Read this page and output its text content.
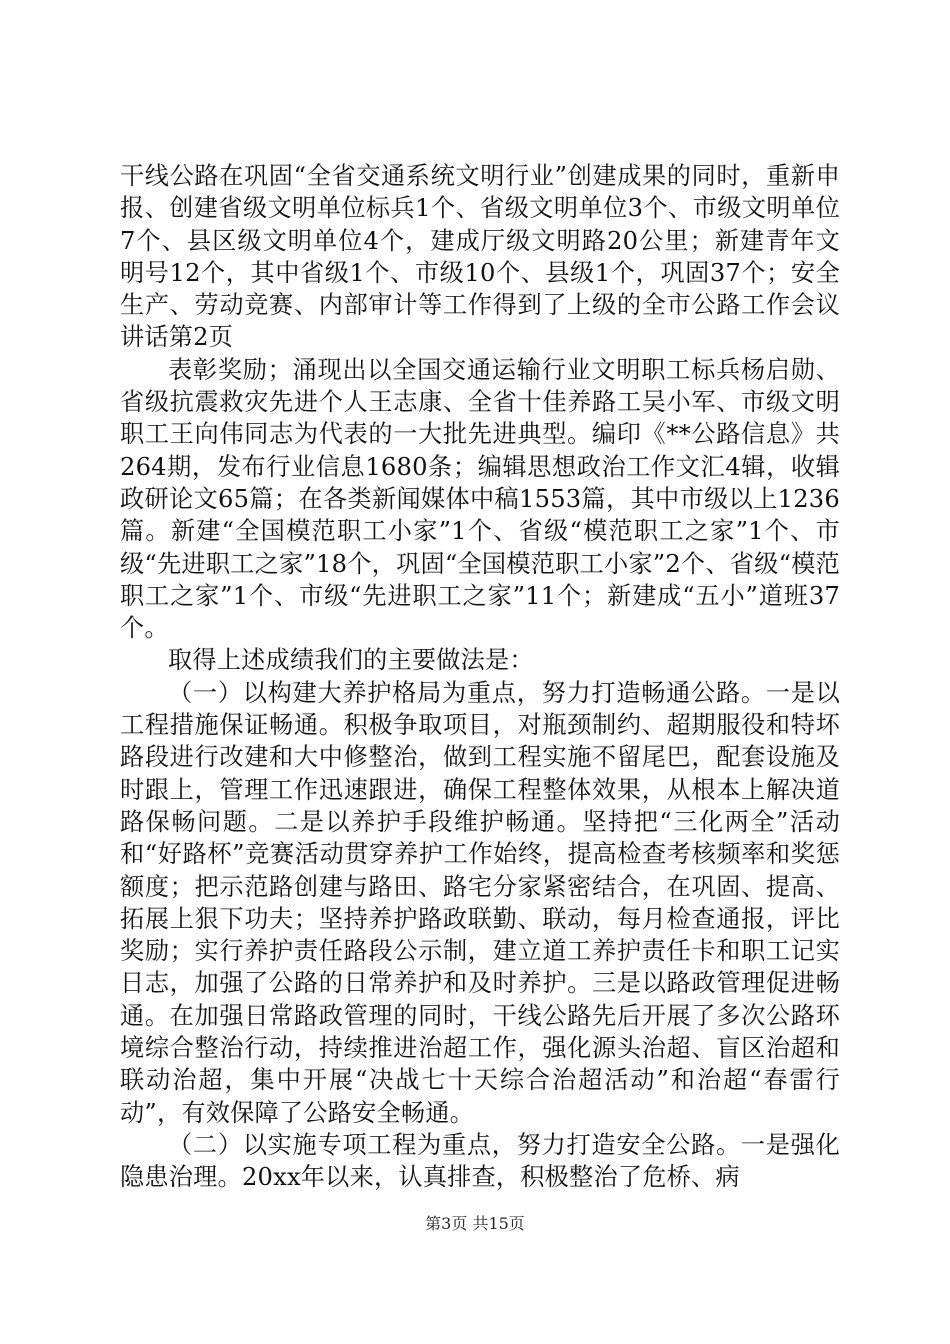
干线公路在巩固“全省交通系统文明行业”创建成果的同时，重新申报、创建省级文明单位标兵1个、省级文明单位3个、市级文明单位7个、县区级文明单位4个，建成厅级文明路20公里；新建青年文明号12个，其中省级1个、市级10个、县级1个，巩固37个；安全生产、劳动竞赛、内部审计等工作得到了上级的全市公路工作会议讲话第2页

表彰奖励；涌现出以全国交通运输行业文明职工标兵杨启勋、省级抗震救灾先进个人王志康、全省十佳养路工吴小军、市级文明职工王向伟同志为代表的一大批先进典型。编印《**公路信息》共264期，发布行业信息1680条；编辑思想政治工作文汇4辑，收辑政研论文65篇；在各类新闻媒体中稿1553篇，其中市级以上1236篇。新建“全国模范职工小家”1个、省级“模范职工之家”1个、市级“先进职工之家”18个，巩固“全国模范职工小家”2个、省级“模范职工之家”1个、市级“先进职工之家”11个；新建成“五小”道班37个。

取得上述成绩我们的主要做法是：

（一）以构建大养护格局为重点，努力打造畅通公路。一是以工程措施保证畅通。积极争取项目，对瓶颈制约、超期服役和特坏路段进行改建和大中修整治，做到工程实施不留尾巴，配套设施及时跟上，管理工作迅速跟进，确保工程整体效果，从根本上解决道路保畅问题。二是以养护手段维护畅通。坚持把“三化两全”活动和“好路杯”竞赛活动贯穿养护工作始终，提高检查考核频率和奖惩额度；把示范路创建与路田、路宅分家紧密结合，在巩固、提高、拓展上狠下功夫；坚持养护路政联勤、联动，每月检查通报，评比奖励；实行养护责任路段公示制，建立道工养护责任卡和职工记实日志，加强了公路的日常养护和及时养护。三是以路政管理促进畅通。在加强日常路政管理的同时，干线公路先后开展了多次公路环境综合整治行动，持续推进治超工作，强化源头治超、盲区治超和联动治超，集中开展“决战七十天综合治超活动”和治超“春雷行动”，有效保障了公路安全畅通。

（二）以实施专项工程为重点，努力打造安全公路。一是强化隐患治理。20xx年以来，认真排查，积极整治了危桥、病

第3页 共15页
